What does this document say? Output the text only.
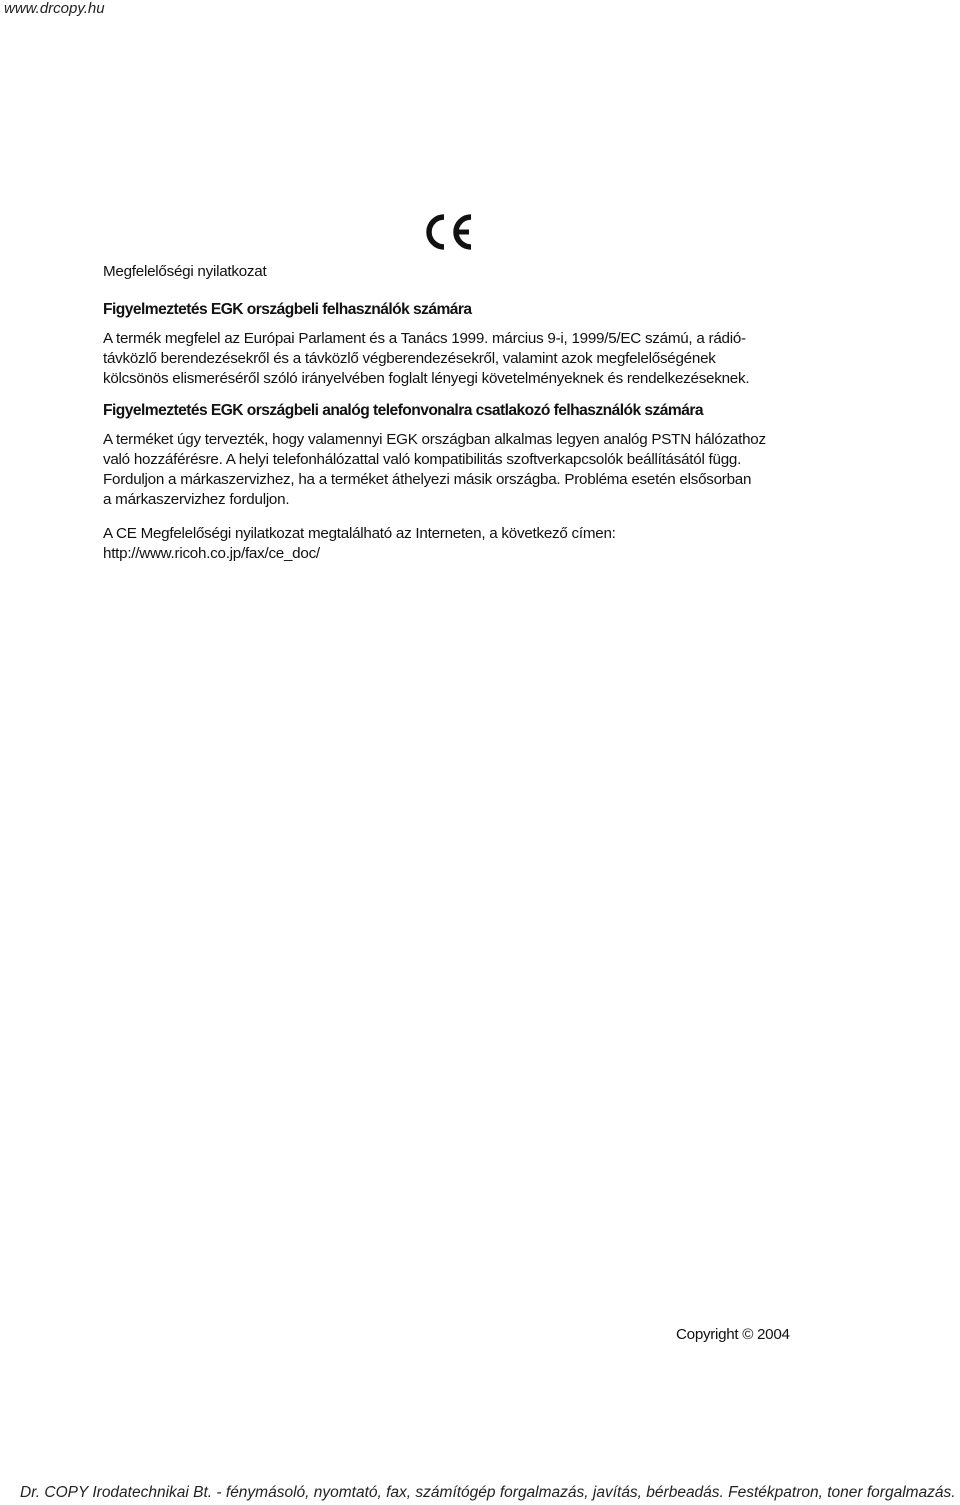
www.drcopy.hu
Megfelelőségi nyilatkozat
Figyelmeztetés EGK országbeli felhasználók számára
A termék megfelel az Európai Parlament és a Tanács 1999. március 9-i, 1999/5/EC számú, a rádió-
távközlő berendezésekről és a távközlő végberendezésekről, valamint azok megfelelőségének
kölcsönös elismeréséről szóló irányelvében foglalt lényegi követelményeknek és rendelkezéseknek.
Figyelmeztetés EGK országbeli analóg telefonvonalra csatlakozó felhasználók számára
A terméket úgy tervezték, hogy valamennyi EGK országban alkalmas legyen analóg PSTN hálózathoz
való hozzáférésre. A helyi telefonhálózattal való kompatibilitás szoftverkapcsolók beállításától függ.
Forduljon a márkaszervizhez, ha a terméket áthelyezi másik országba. Probléma esetén elsősorban
a márkaszervizhez forduljon.
A CE Megfelelőségi nyilatkozat megtalálható az Interneten, a következő címen:
http://www.ricoh.co.jp/fax/ce_doc/
Copyright © 2004
Dr. COPY Irodatechnikai Bt. - fénymásoló, nyomtató, fax, számítógép forgalmazás, javítás, bérbeadás. Festékpatron, toner forgalmazás.
